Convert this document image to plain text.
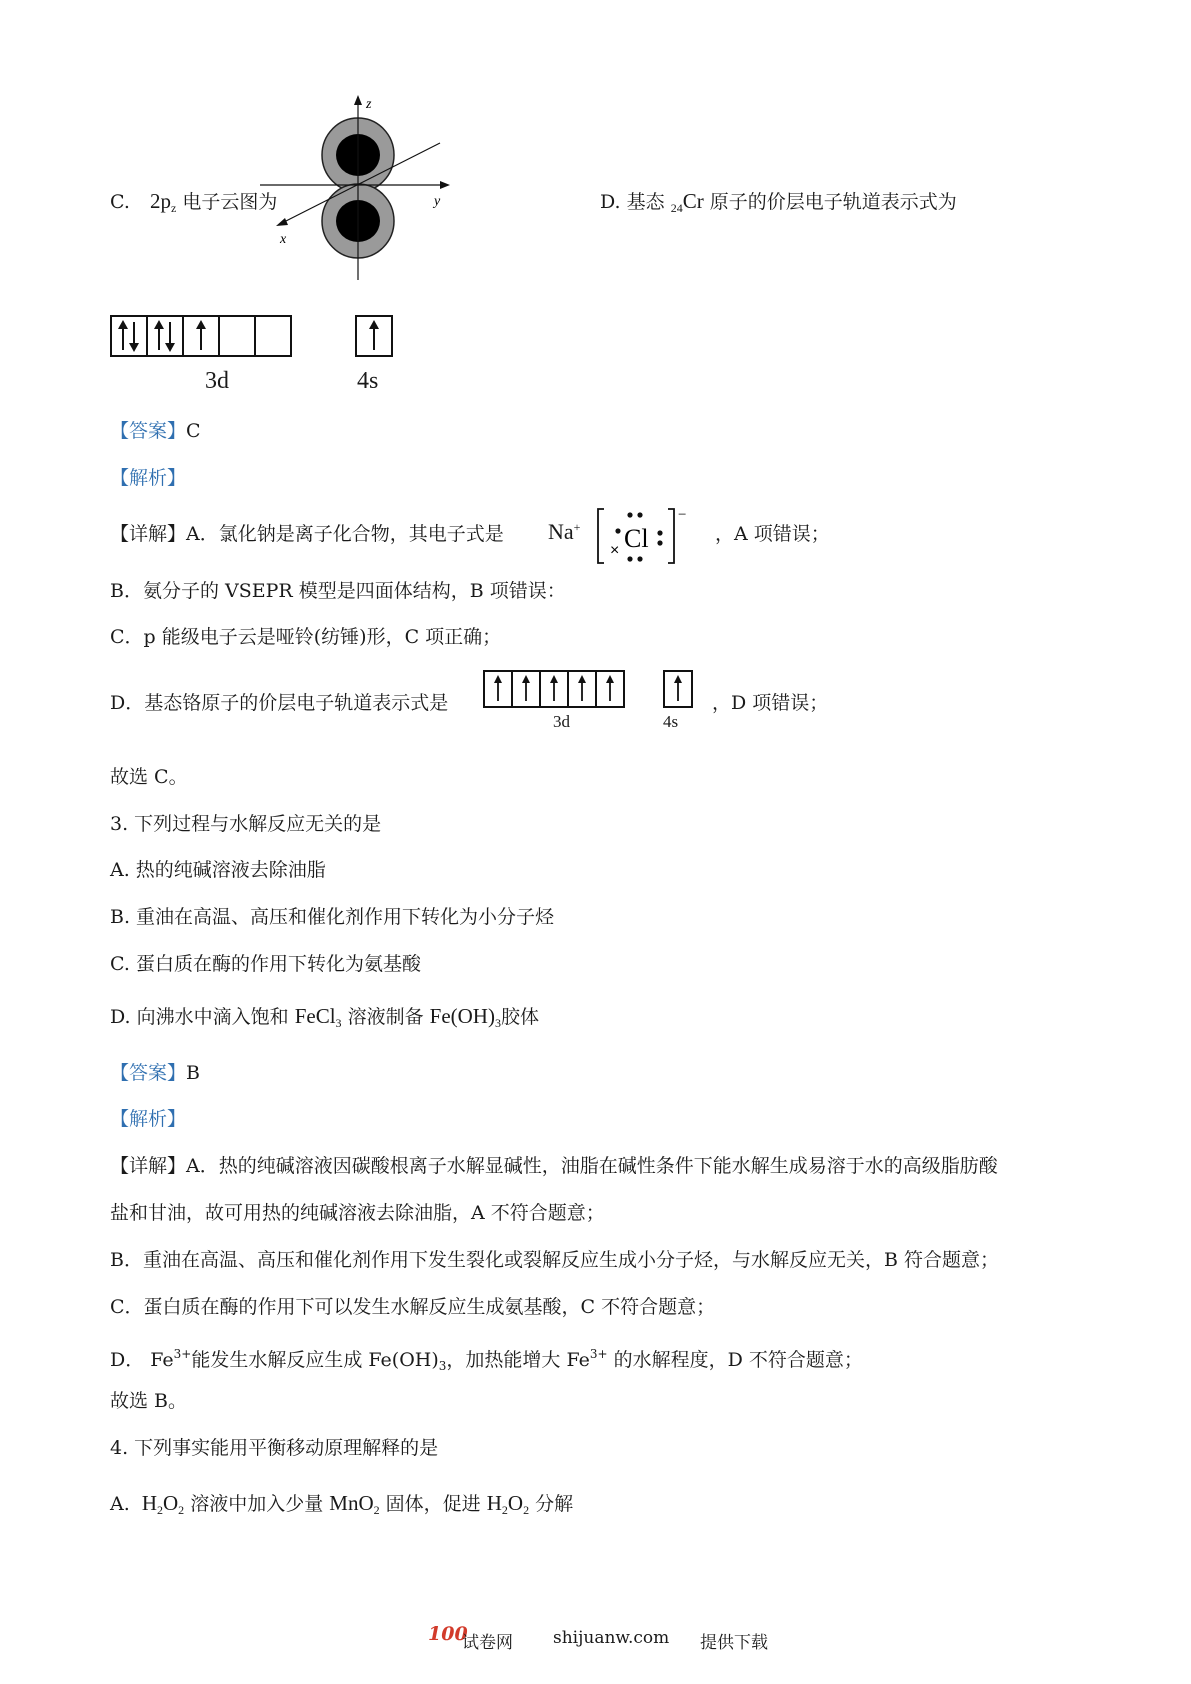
C. $2p_z$ 电子云图为
z
y
x
D. 基态 $_{24}$Cr 原子的价层电子轨道表示式为
3d	4s
【答案】C
【解析】
【详解】A．氯化钠是离子化合物，其电子式是 Na+ Cl
×
−
，A 项错误；
B．氨分子的 VSEPR 模型是四面体结构，B 项错误：
C．p 能级电子云是哑铃(纺锤)形，C 项正确；
D．基态铬原子的价层电子轨道表示式是
3d	4s
，D 项错误；
故选 C。
3. 下列过程与水解反应无关的是
A. 热的纯碱溶液去除油脂
B. 重油在高温、高压和催化剂作用下转化为小分子烃
C. 蛋白质在酶的作用下转化为氨基酸
D. 向沸水中滴入饱和 FeCl$_3$ 溶液制备 $Fe(OH)_3$胶体
【答案】B
【解析】
【详解】A．热的纯碱溶液因碳酸根离子水解显碱性，油脂在碱性条件下能水解生成易溶于水的高级脂肪酸
盐和甘油，故可用热的纯碱溶液去除油脂，A 不符合题意；
B．重油在高温、高压和催化剂作用下发生裂化或裂解反应生成小分子烃，与水解反应无关，B 符合题意；
C．蛋白质在酶的作用下可以发生水解反应生成氨基酸，C 不符合题意；
D． $Fe^{3+}$能发生水解反应生成 $Fe(OH)_3$，加热能增大 $Fe^{3+}$ 的水解程度，D 不符合题意；
故选 B。
4. 下列事实能用平衡移动原理解释的是
A. $H_2O_2$ 溶液中加入少量 MnO$_2$ 固体，促进 $H_2O_2$ 分解
100
试卷网 shijuanw.com 提供下载
